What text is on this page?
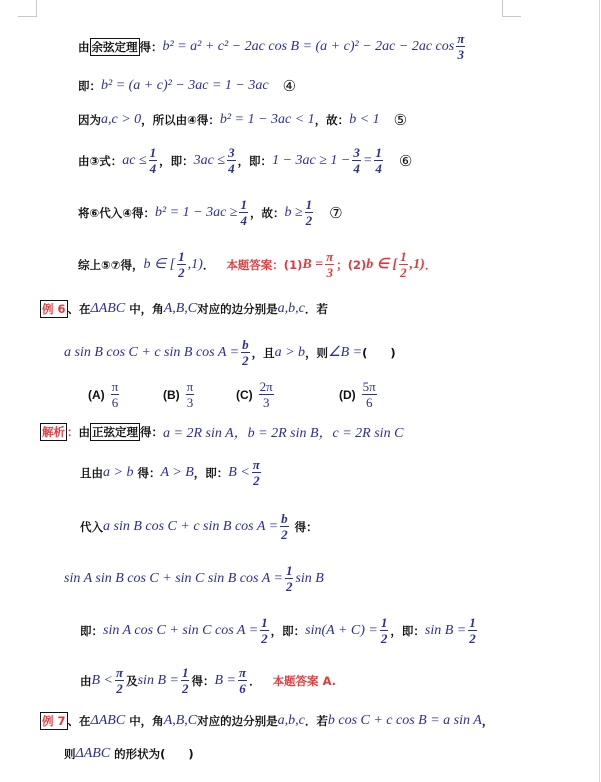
由 余弦定理 得： b² = a² + c² − 2ac cos B = (a + c)² − 2ac − 2ac $\cos \frac{\pi}{3}$
即： b² = (a + c)² − 3ac = 1 − 3ac ④
因为 a,c > 0 ，所以由④得： b² = 1 − 3ac < 1 ，故： b < 1 ⑤
由③式： ac ≤ $\frac{1}{4}$ ，即： $3ac \le \frac{3}{4}$ ，即： $1 - 3ac \ge 1 - \frac{3}{4} = \frac{1}{4}$ ⑥
将⑥代入④得： $b^2 = 1 - 3ac \ge \frac{1}{4}$ ，故： $b \ge \frac{1}{2}$ ⑦
综上⑤⑦得， b ∈ [ $\frac{1}{2} ,1$) ． 本题答案：(1) $B = \frac{\pi}{3}$ ；(2) b ∈ [ $\frac{1}{2} ,1$) ．
例 6 、在 ΔABC 中，角 A,B,C 对应的边分别是 a,b,c ．若
a sin B cos C + c sin B $\cos A = \frac{b}{2}$ ，且 a > b ，则 ∠B = (　　)
$(A) \frac{\pi}{6}$	$(B) \frac{\pi}{3}$	$(C) \frac{2\pi}{3}$	$(D) \frac{5\pi}{6}$
解析 ： 由 正弦定理 得： a = 2R sin A，b = 2R sin B，c = 2R sin C
且由 a > b 得： A > B ，即： $B < \frac{\pi}{2}$
代入 a sin B cos C + c sin B $\cos A = \frac{b}{2}$ 得：
sin A sin B cos C + sin C sin B $\cos A = \frac{1}{2}$ sin B
即： sin A cos C + sin C $\cos A = \frac{1}{2}$ ，即： $\sin(A + C) = \frac{1}{2}$ ，即： $\sin B = \frac{1}{2}$
由 $B < \frac{\pi}{2}$ 及 $\sin B = \frac{1}{2}$ 得： $B = \frac{\pi}{6}$ ． 本题答案 A.
例 7 、在 ΔABC 中，角 A,B,C 对应的边分别是 a,b,c ．若 b cos C + c cos B = a sin A ，
则 ΔABC 的形状为(　　)
